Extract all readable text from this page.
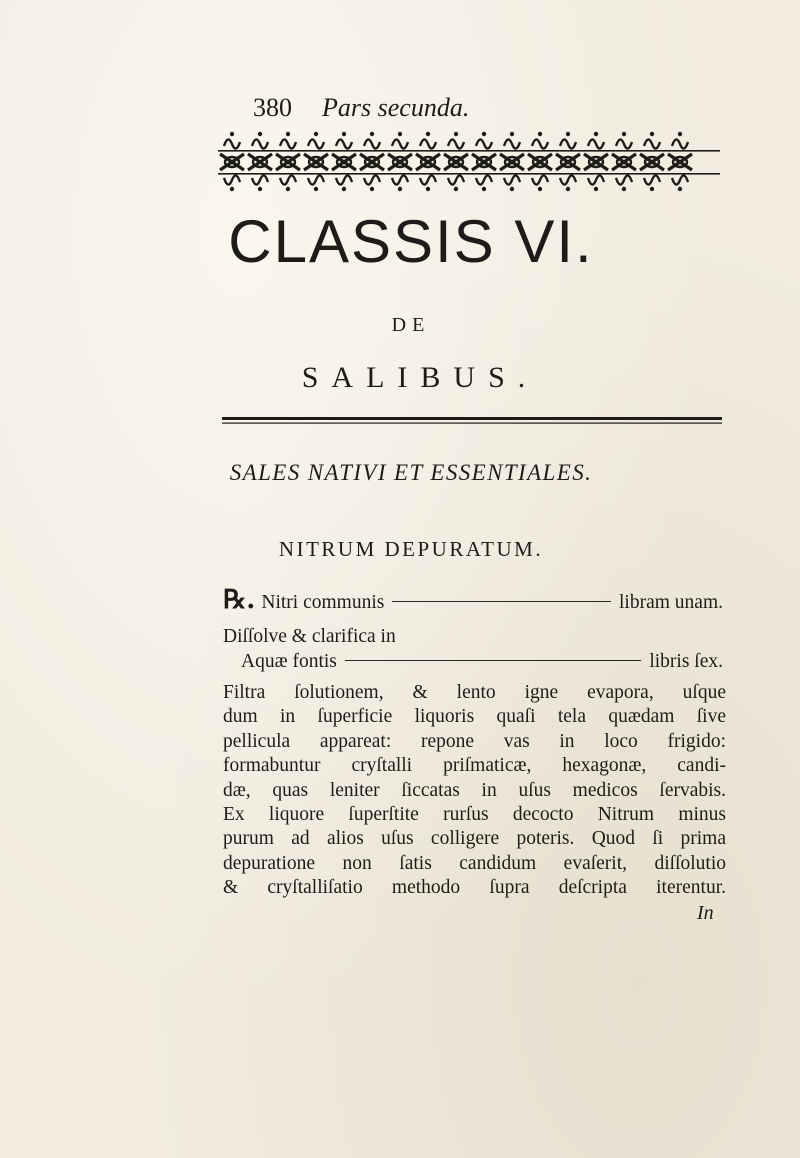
380 Pars secunda.
CLASSIS VI.
DE
SALIBUS.
SALES NATIVI ET ESSENTIALES.
NITRUM DEPURATUM.
℞. Nitri communis	libram unam.
Diſſolve & clarifica in
Aquæ fontis	libris ſex.
Filtra ſolutionem, & lento igne evapora, uſque
dum in ſuperficie liquoris quaſi tela quædam ſive
pellicula appareat: repone vas in loco frigido:
formabuntur cryſtalli priſmaticæ, hexagonæ, candi-
dæ, quas leniter ſiccatas in uſus medicos ſervabis.
Ex liquore ſuperſtite rurſus decocto Nitrum minus
purum ad alios uſus colligere poteris. Quod ſi prima
depuratione non ſatis candidum evaſerit, diſſolutio
& cryſtalliſatio methodo ſupra deſcripta iterentur.
In
